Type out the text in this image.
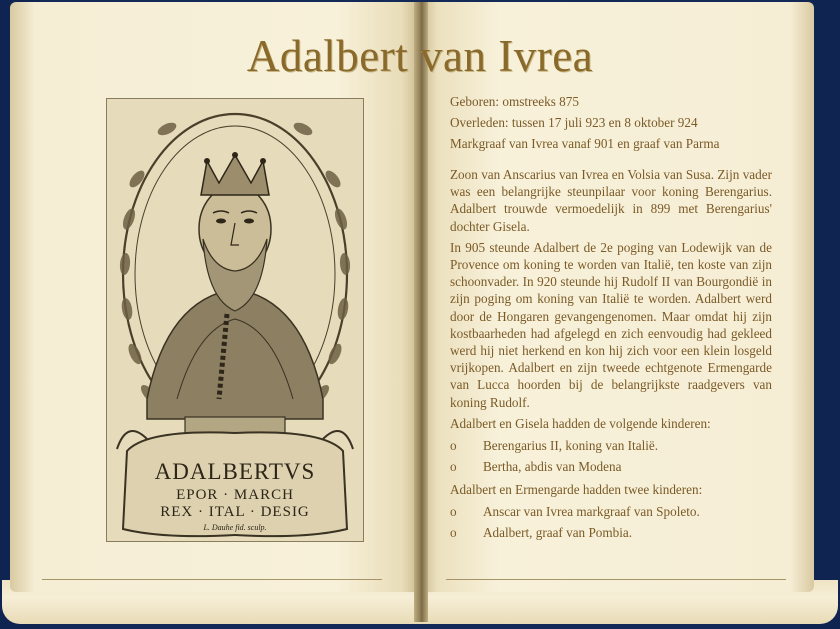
Adalbert van Ivrea
ADALBERTVS
EPOR · MARCH
REX · ITAL · DESIG
L. Dauhe fid. sculp.
Geboren: omstreeks 875
Overleden: tussen 17 juli 923 en 8 oktober 924
Markgraaf van Ivrea vanaf 901 en graaf van Parma

Zoon van Anscarius van Ivrea en Volsia van Susa. Zijn vader was een belangrijke steunpilaar voor koning Berengarius. Adalbert trouwde vermoedelijk in 899 met Berengarius' dochter Gisela.

In 905 steunde Adalbert de 2e poging van Lodewijk van de Provence om koning te worden van Italië, ten koste van zijn schoonvader. In 920 steunde hij Rudolf II van Bourgondië in zijn poging om koning van Italië te worden. Adalbert werd door de Hongaren gevangengenomen. Maar omdat hij zijn kostbaarheden had afgelegd en zich eenvoudig had gekleed werd hij niet herkend en kon hij zich voor een klein losgeld vrijkopen. Adalbert en zijn tweede echtgenote Ermengarde van Lucca hoorden bij de belangrijkste raadgevers van koning Rudolf.

Adalbert en Gisela hadden de volgende kinderen:
o Berengarius II, koning van Italië.
o Bertha, abdis van Modena
Adalbert en Ermengarde hadden twee kinderen:
o Anscar van Ivrea markgraaf van Spoleto.
o Adalbert, graaf van Pombia.
